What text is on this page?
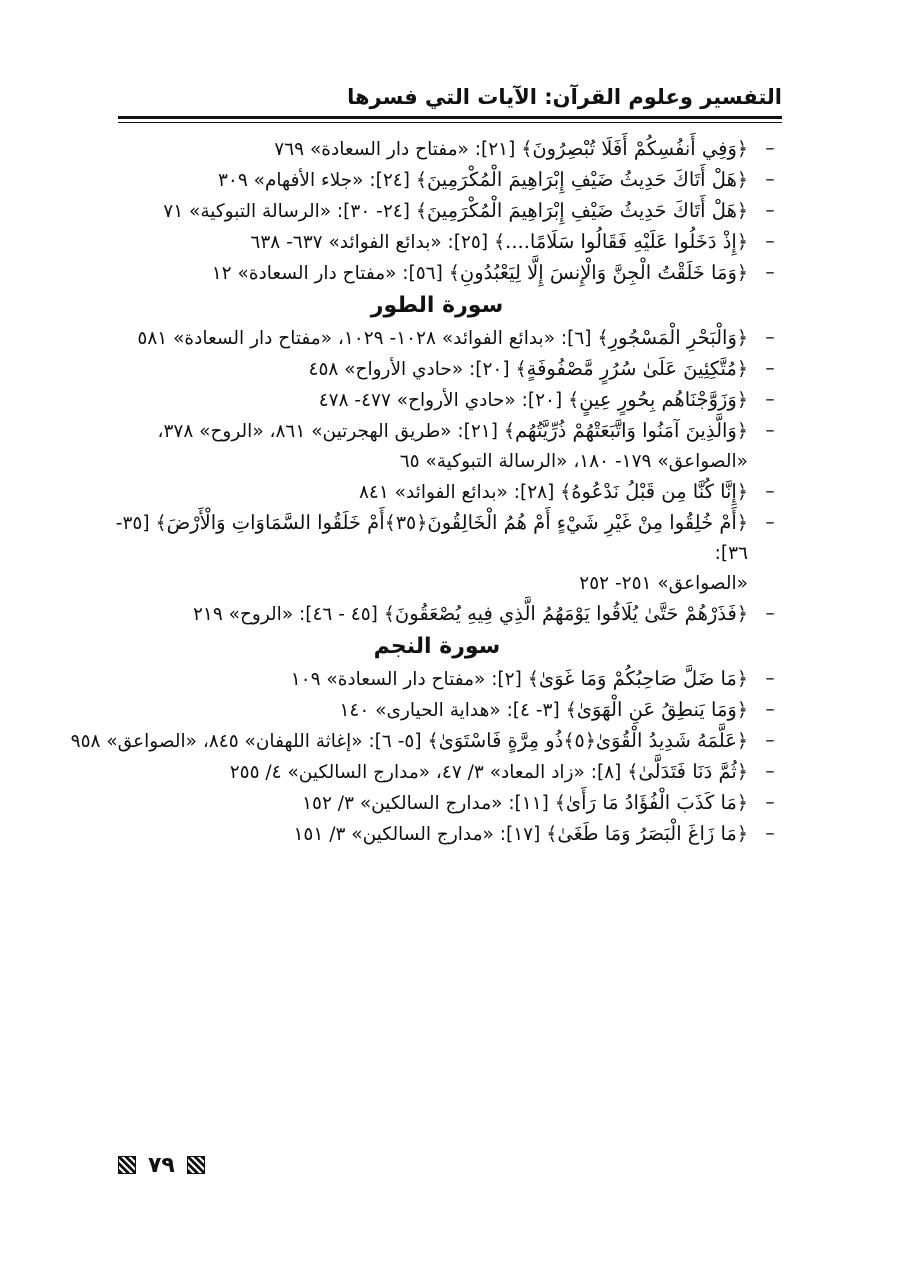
التفسير وعلوم القرآن: الآيات التي فسرها
–
﴿وَفِي أَنفُسِكُمْ أَفَلَا تُبْصِرُونَ﴾ [٢١]: «مفتاح دار السعادة» ٧٦٩
–
﴿هَلْ أَتَاكَ حَدِيثُ ضَيْفِ إِبْرَاهِيمَ الْمُكْرَمِينَ﴾ [٢٤]: «جلاء الأفهام» ٣٠٩
–
﴿هَلْ أَتَاكَ حَدِيثُ ضَيْفِ إِبْرَاهِيمَ الْمُكْرَمِينَ﴾ [٢٤- ٣٠]: «الرسالة التبوكية» ٧١
–
﴿إِذْ دَخَلُوا عَلَيْهِ فَقَالُوا سَلَامًا....﴾ [٢٥]: «بدائع الفوائد» ٦٣٧- ٦٣٨
–
﴿وَمَا خَلَقْتُ الْجِنَّ وَالْإِنسَ إِلَّا لِيَعْبُدُونِ﴾ [٥٦]: «مفتاح دار السعادة» ١٢
سورة الطور
–
﴿وَالْبَحْرِ الْمَسْجُورِ﴾ [٦]: «بدائع الفوائد» ١٠٢٨- ١٠٢٩، «مفتاح دار السعادة» ٥٨١
–
﴿مُتَّكِئِينَ عَلَىٰ سُرُرٍ مَّصْفُوفَةٍ﴾ [٢٠]: «حادي الأرواح» ٤٥٨
–
﴿وَزَوَّجْنَاهُم بِحُورٍ عِينٍ﴾ [٢٠]: «حادي الأرواح» ٤٧٧- ٤٧٨
–
﴿وَالَّذِينَ آمَنُوا وَاتَّبَعَتْهُمْ ذُرِّيَّتُهُم﴾ [٢١]: «طريق الهجرتين» ٨٦١، «الروح» ٣٧٨،
«الصواعق» ١٧٩- ١٨٠، «الرسالة التبوكية» ٦٥
–
﴿إِنَّا كُنَّا مِن قَبْلُ نَدْعُوهُ﴾ [٢٨]: «بدائع الفوائد» ٨٤١
–
﴿أَمْ خُلِقُوا مِنْ غَيْرِ شَيْءٍ أَمْ هُمُ الْخَالِقُونَ﴿٣٥﴾أَمْ خَلَقُوا السَّمَاوَاتِ وَالْأَرْضَ﴾ [٣٥- ٣٦]:
«الصواعق» ٢٥١- ٢٥٢
–
﴿فَذَرْهُمْ حَتَّىٰ يُلَاقُوا يَوْمَهُمُ الَّذِي فِيهِ يُصْعَقُونَ﴾ [٤٥ - ٤٦]: «الروح» ٢١٩
سورة النجم
–
﴿مَا ضَلَّ صَاحِبُكُمْ وَمَا غَوَىٰ﴾ [٢]: «مفتاح دار السعادة» ١٠٩
–
﴿وَمَا يَنطِقُ عَنِ الْهَوَىٰ﴾ [٣- ٤]: «هداية الحيارى» ١٤٠
–
﴿عَلَّمَهُ شَدِيدُ الْقُوَىٰ﴿٥﴾ذُو مِرَّةٍ فَاسْتَوَىٰ﴾ [٥- ٦]: «إغاثة اللهفان» ٨٤٥، «الصواعق» ٩٥٨
–
﴿ثُمَّ دَنَا فَتَدَلَّىٰ﴾ [٨]: «زاد المعاد» ٣/ ٤٧، «مدارج السالكين» ٤/ ٢٥٥
–
﴿مَا كَذَبَ الْفُؤَادُ مَا رَأَىٰ﴾ [١١]: «مدارج السالكين» ٣/ ١٥٢
–
﴿مَا زَاغَ الْبَصَرُ وَمَا طَغَىٰ﴾ [١٧]: «مدارج السالكين» ٣/ ١٥١
٧٩
